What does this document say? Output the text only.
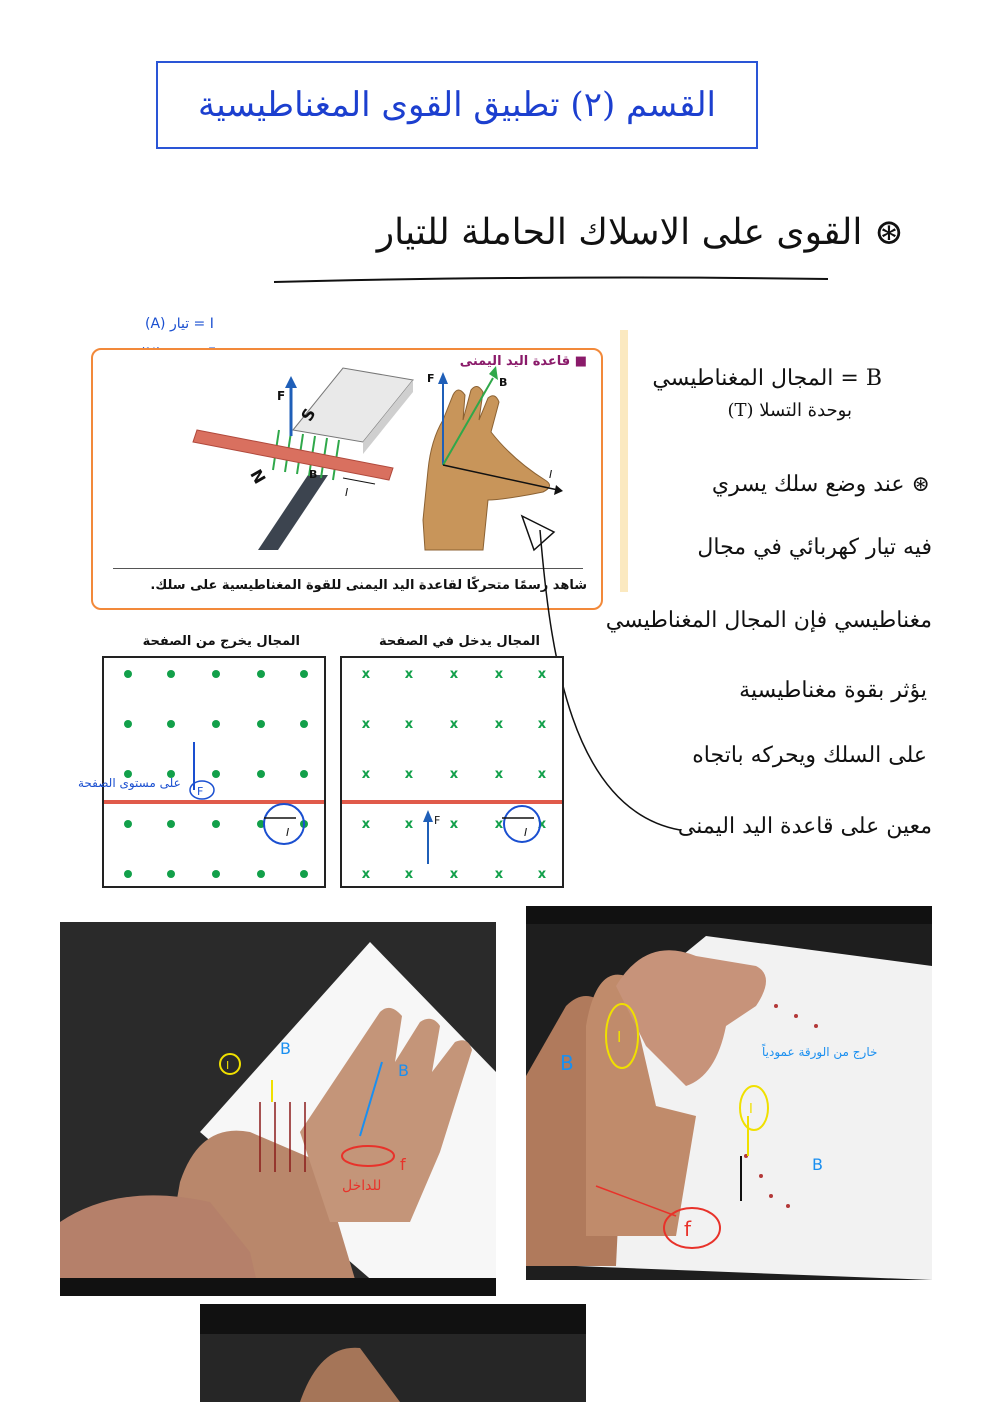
القسم (٢) تطبيق القوى المغناطيسية
⊛ القوى على الاسلاك الحاملة للتيار
I = تيار (A)
■ قاعدة اليد اليمنى
F
S
N	B
I
F	B
I
شاهد رسمًا متحركًا لقاعدة اليد اليمنى للقوة المغناطيسية على سلك.
B = المجال المغناطيسي
بوحدة التسلا (T)
⊛ عند وضع سلك يسري
فيه تيار كهربائي في مجال
مغناطيسي فإن المجال المغناطيسي
يؤثر بقوة مغناطيسية
على السلك ويحركه باتجاه
معين على قاعدة اليد اليمنى
المجال يخرج من الصفحة
I
F
على مستوى الصفحة
المجال يدخل في الصفحة
x	x	x	x	x
x	x	x	x	x
x	x	x	x	x
x	x	x	x	x
x	x	x	x	x
F
I
I
B
B
f
للداخل
I
I
B
B
خارج من الورقة عمودياً
f
